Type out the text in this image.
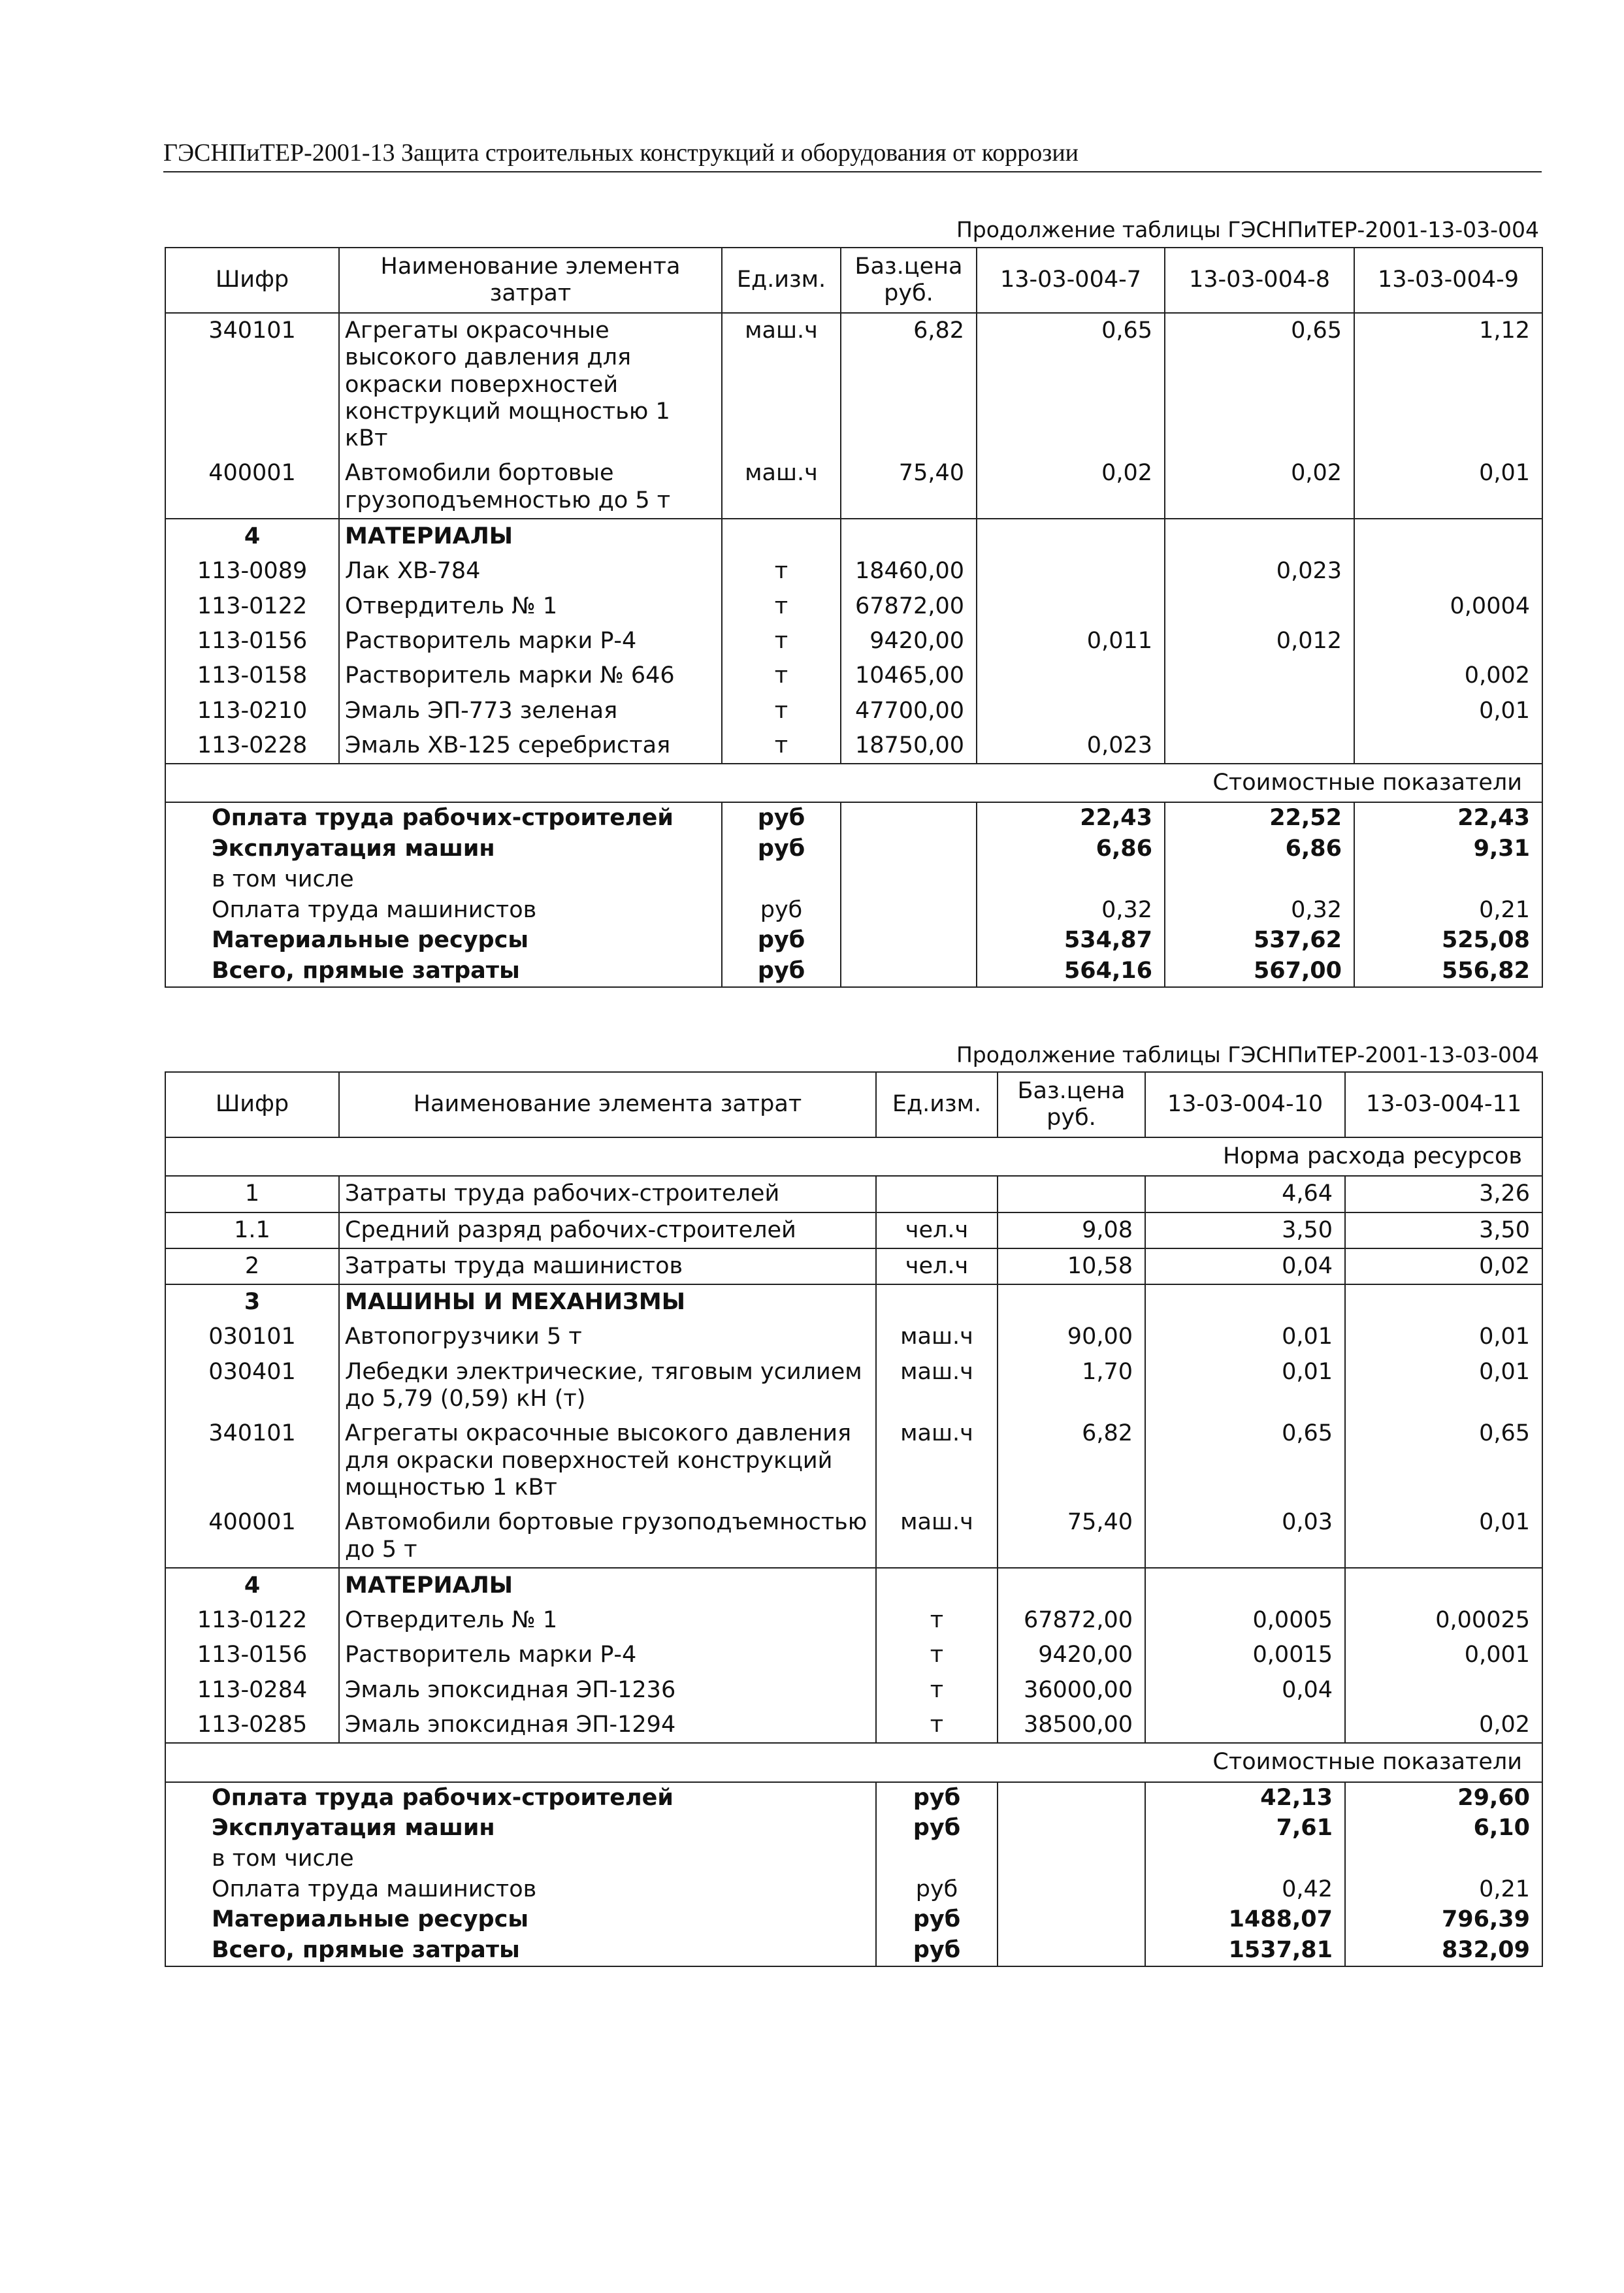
ГЭСНПиТЕР-2001-13 Защита строительных конструкций и оборудования от коррозии
Продолжение таблицы ГЭСНПиТЕР-2001-13-03-004
Шифр	Наименование элемента затрат	Ед.изм.	Баз.цена руб.	13-03-004-7	13-03-004-8	13-03-004-9
340101	Агрегаты окрасочные высокого давления для окраски поверхностей конструкций мощностью 1 кВт	маш.ч	6,82	0,65	0,65	1,12
400001	Автомобили бортовые грузоподъемностью до 5 т	маш.ч	75,40	0,02	0,02	0,01
4	МАТЕРИАЛЫ					
113-0089	Лак ХВ-784	т	18460,00		0,023	
113-0122	Отвердитель № 1	т	67872,00			0,0004
113-0156	Растворитель марки Р-4	т	9420,00	0,011	0,012	
113-0158	Растворитель марки № 646	т	10465,00			0,002
113-0210	Эмаль ЭП-773 зеленая	т	47700,00			0,01
113-0228	Эмаль ХВ-125 серебристая	т	18750,00	0,023		
Стоимостные показатели						
Оплата труда рабочих-строителей		руб		22,43	22,52	22,43
Эксплуатация машин		руб		6,86	6,86	9,31
в том числе						
Оплата труда машинистов		руб		0,32	0,32	0,21
Материальные ресурсы		руб		534,87	537,62	525,08
Всего, прямые затраты		руб		564,16	567,00	556,82
Продолжение таблицы ГЭСНПиТЕР-2001-13-03-004
Шифр	Наименование элемента затрат	Ед.изм.	Баз.цена руб.	13-03-004-10	13-03-004-11
Норма расхода ресурсов					
1	Затраты труда рабочих-строителей			4,64	3,26
1.1	Средний разряд рабочих-строителей	чел.ч	9,08	3,50	3,50
2	Затраты труда машинистов	чел.ч	10,58	0,04	0,02
3	МАШИНЫ И МЕХАНИЗМЫ				
030101	Автопогрузчики 5 т	маш.ч	90,00	0,01	0,01
030401	Лебедки электрические, тяговым усилием до 5,79 (0,59) кН (т)	маш.ч	1,70	0,01	0,01
340101	Агрегаты окрасочные высокого давления для окраски поверхностей конструкций мощностью 1 кВт	маш.ч	6,82	0,65	0,65
400001	Автомобили бортовые грузоподъемностью до 5 т	маш.ч	75,40	0,03	0,01
4	МАТЕРИАЛЫ				
113-0122	Отвердитель № 1	т	67872,00	0,0005	0,00025
113-0156	Растворитель марки Р-4	т	9420,00	0,0015	0,001
113-0284	Эмаль эпоксидная ЭП-1236	т	36000,00	0,04	
113-0285	Эмаль эпоксидная ЭП-1294	т	38500,00		0,02
Стоимостные показатели					
Оплата труда рабочих-строителей		руб		42,13	29,60
Эксплуатация машин		руб		7,61	6,10
в том числе					
Оплата труда машинистов		руб		0,42	0,21
Материальные ресурсы		руб		1488,07	796,39
Всего, прямые затраты		руб		1537,81	832,09
